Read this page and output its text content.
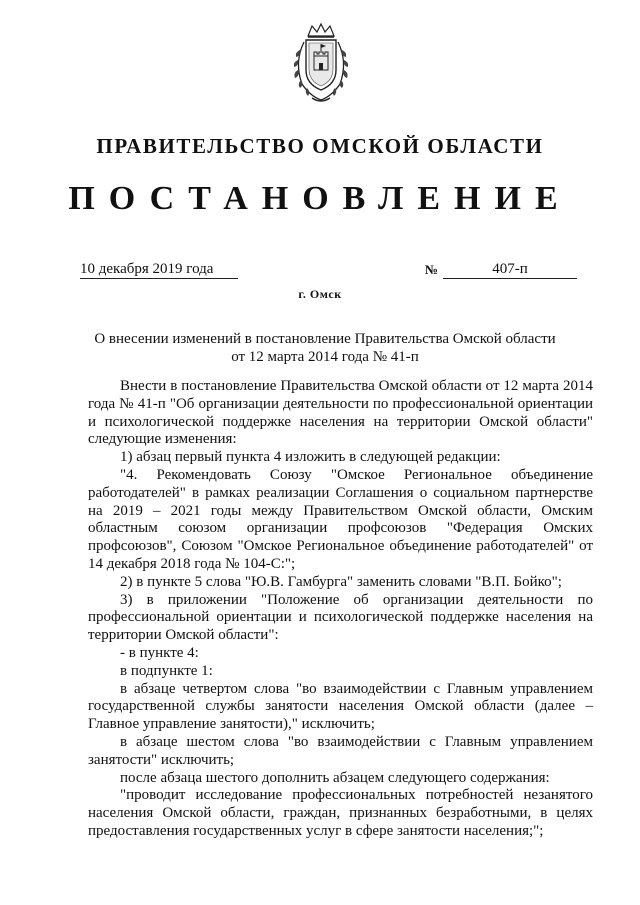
ПРАВИТЕЛЬСТВО ОМСКОЙ ОБЛАСТИ
ПОСТАНОВЛЕНИЕ
10 декабря 2019 года	№	407-п
г. Омск
О внесении изменений в постановление Правительства Омской области
от 12 марта 2014 года № 41-п

Внести в постановление Правительства Омской области от 12 марта 2014 года № 41-п "Об организации деятельности по профессиональной ориентации и психологической поддержке населения на территории Омской области" следующие изменения:

1) абзац первый пункта 4 изложить в следующей редакции:

"4. Рекомендовать Союзу "Омское Региональное объединение работодателей" в рамках реализации Соглашения о социальном партнерстве на 2019 – 2021 годы между Правительством Омской области, Омским областным союзом организации профсоюзов "Федерация Омских профсоюзов", Союзом "Омское Региональное объединение работодателей" от 14 декабря 2018 года № 104-С:";

2) в пункте 5 слова "Ю.В. Гамбурга" заменить словами "В.П. Бойко";

3) в приложении "Положение об организации деятельности по профессиональной ориентации и психологической поддержке населения на территории Омской области":

- в пункте 4:

в подпункте 1:

в абзаце четвертом слова "во взаимодействии с Главным управлением государственной службы занятости населения Омской области (далее – Главное управление занятости)," исключить;

в абзаце шестом слова "во взаимодействии с Главным управлением занятости" исключить;

после абзаца шестого дополнить абзацем следующего содержания:

"проводит исследование профессиональных потребностей незанятого населения Омской области, граждан, признанных безработными, в целях предоставления государственных услуг в сфере занятости населения;";
